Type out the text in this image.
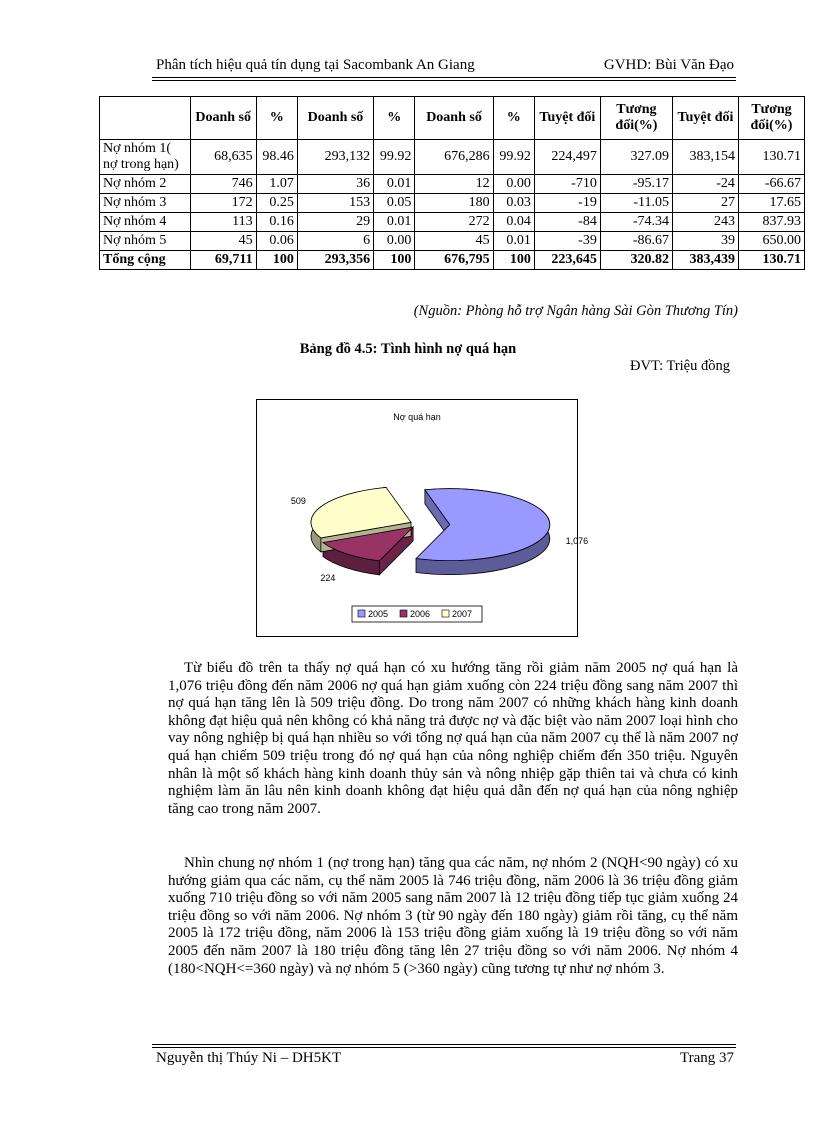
Phân tích hiệu quả tín dụng tại Sacombank An Giang	GVHD: Bùi Văn Đạo
	Doanh số	%	Doanh số	%	Doanh số	%	Tuyệt đối	Tương đối(%)	Tuyệt đối	Tương đối(%)
Nợ nhóm 1( nợ trong hạn)	68,635	98.46	293,132	99.92	676,286	99.92	224,497	327.09	383,154	130.71
Nợ nhóm 2	746	1.07	36	0.01	12	0.00	-710	-95.17	-24	-66.67
Nợ nhóm 3	172	0.25	153	0.05	180	0.03	-19	-11.05	27	17.65
Nợ nhóm 4	113	0.16	29	0.01	272	0.04	-84	-74.34	243	837.93
Nợ nhóm 5	45	0.06	6	0.00	45	0.01	-39	-86.67	39	650.00
Tổng cộng	69,711	100	293,356	100	676,795	100	223,645	320.82	383,439	130.71
(Nguồn: Phòng hỗ trợ Ngân hàng Sài Gòn Thương Tín)
Bảng đồ 4.5: Tình hình nợ quá hạn
ĐVT: Triệu đồng
Nợ quá hạn
1,076
224
509
2005 2006 2007
Từ biểu đồ trên ta thấy nợ quá hạn có xu hướng tăng rồi giảm năm 2005 nợ quá hạn là 1,076 triệu đồng đến năm 2006 nợ quá hạn giảm xuống còn 224 triệu đồng sang năm 2007 thì nợ quá hạn tăng lên là 509 triệu đồng. Do trong năm 2007 có những khách hàng kinh doanh không đạt hiệu quả nên không có khả năng trả được nợ và đặc biệt vào năm 2007 loại hình cho vay nông nghiệp bị quá hạn nhiều so với tổng nợ quá hạn của năm 2007 cụ thể là năm 2007 nợ quá hạn chiếm 509 triệu trong đó nợ quá hạn của nông nghiệp chiếm đến 350 triệu. Nguyên nhân là một số khách hàng kinh doanh thủy sản và nông nhiệp gặp thiên tai và chưa có kinh nghiệm làm ăn lâu nên kinh doanh không đạt hiệu quả dẫn đến nợ quá hạn của nông nghiệp tăng cao trong năm 2007.
Nhìn chung nợ nhóm 1 (nợ trong hạn) tăng qua các năm, nợ nhóm 2 (NQH<90 ngày) có xu hướng giảm qua các năm, cụ thể năm 2005 là 746 triệu đồng, năm 2006 là 36 triệu đồng giảm xuống 710 triệu đồng so với năm 2005 sang năm 2007 là 12 triệu đồng tiếp tục giảm xuống 24 triệu đồng so với năm 2006. Nợ nhóm 3 (từ 90 ngày đến 180 ngày) giảm rồi tăng, cụ thể năm 2005 là 172 triệu đồng, năm 2006 là 153 triệu đồng giảm xuống là 19 triệu đồng so với năm 2005 đến năm 2007 là 180 triệu đồng tăng lên 27 triệu đồng so với năm 2006. Nợ nhóm 4 (180<NQH<=360 ngày) và nợ nhóm 5 (>360 ngày) cũng tương tự như nợ nhóm 3.
Nguyễn thị Thúy Ni – DH5KT	Trang 37
